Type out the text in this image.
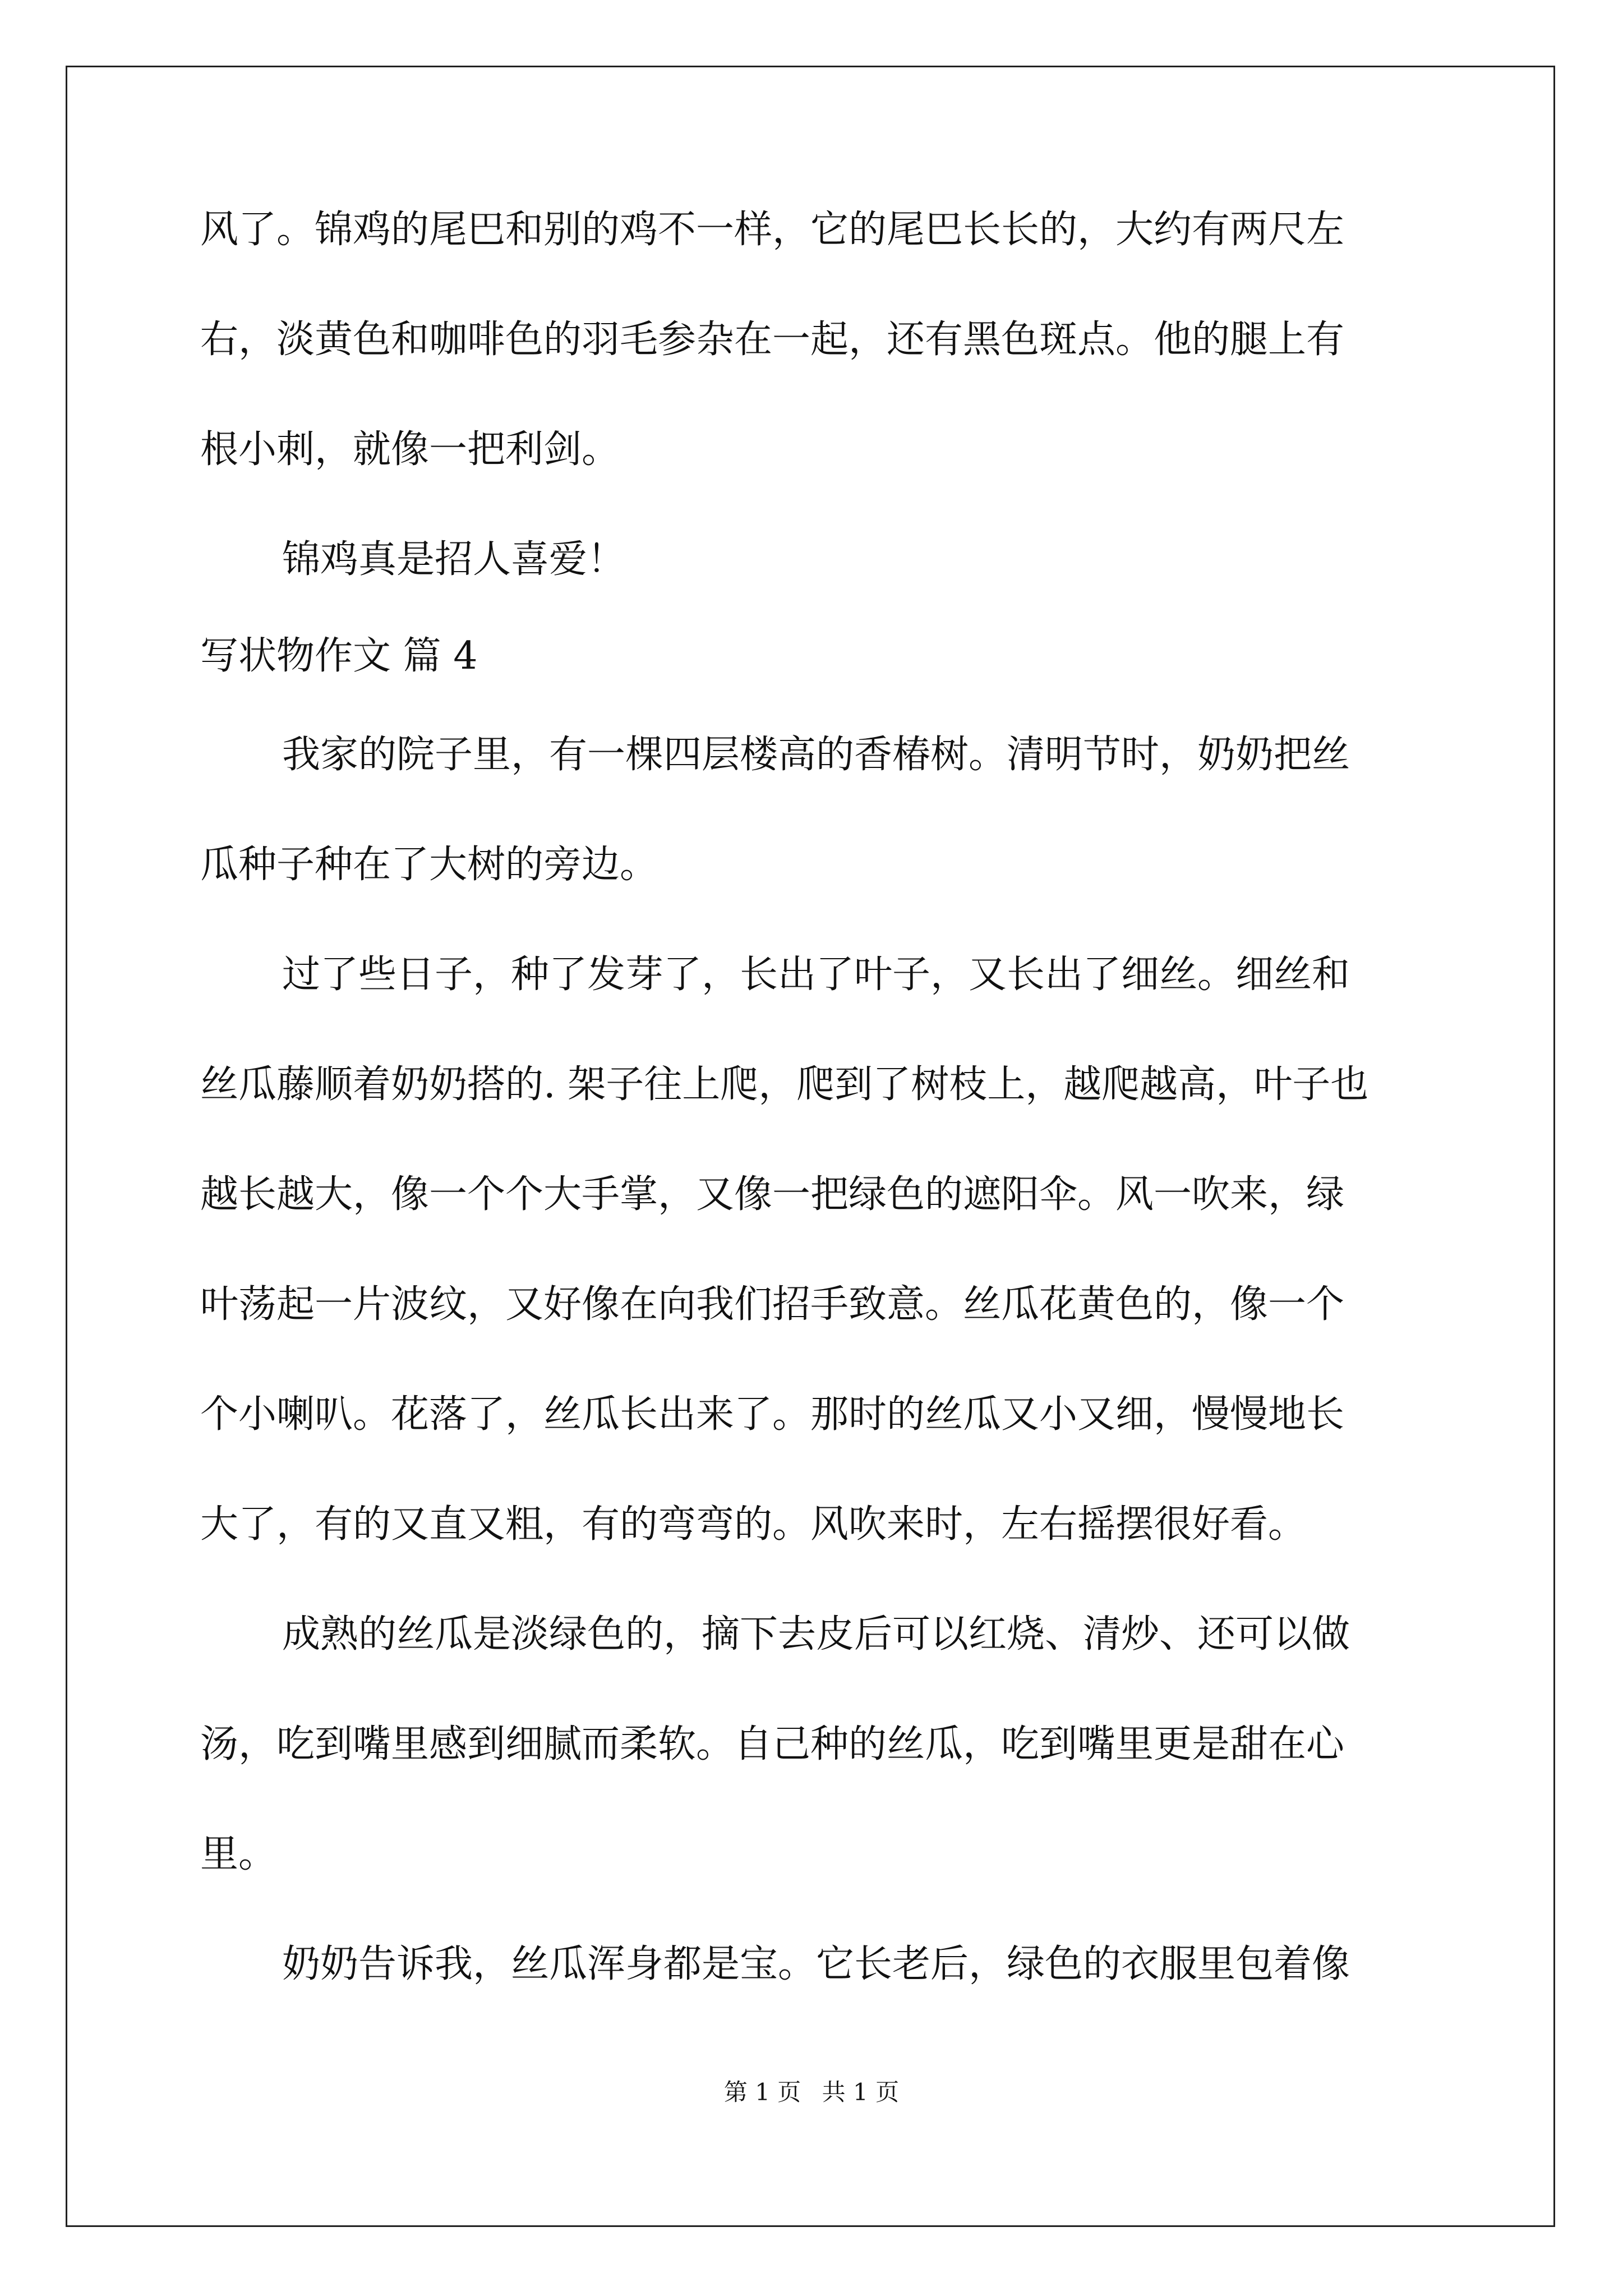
风了。锦鸡的尾巴和别的鸡不一样，它的尾巴长长的，大约有两尺左
右，淡黄色和咖啡色的羽毛参杂在一起，还有黑色斑点。他的腿上有
根小刺，就像一把利剑。
锦鸡真是招人喜爱！
写状物作文 篇 4
我家的院子里，有一棵四层楼高的香椿树。清明节时，奶奶把丝
瓜种子种在了大树的旁边。
过了些日子，种了发芽了，长出了叶子，又长出了细丝。细丝和
丝瓜藤顺着奶奶搭的. 架子往上爬，爬到了树枝上，越爬越高，叶子也
越长越大，像一个个大手掌，又像一把绿色的遮阳伞。风一吹来，绿
叶荡起一片波纹，又好像在向我们招手致意。丝瓜花黄色的，像一个
个小喇叭。花落了，丝瓜长出来了。那时的丝瓜又小又细，慢慢地长
大了，有的又直又粗，有的弯弯的。风吹来时，左右摇摆很好看。
成熟的丝瓜是淡绿色的，摘下去皮后可以红烧、清炒、还可以做
汤，吃到嘴里感到细腻而柔软。自己种的丝瓜，吃到嘴里更是甜在心
里。
奶奶告诉我，丝瓜浑身都是宝。它长老后，绿色的衣服里包着像
第 1 页 共 1 页
